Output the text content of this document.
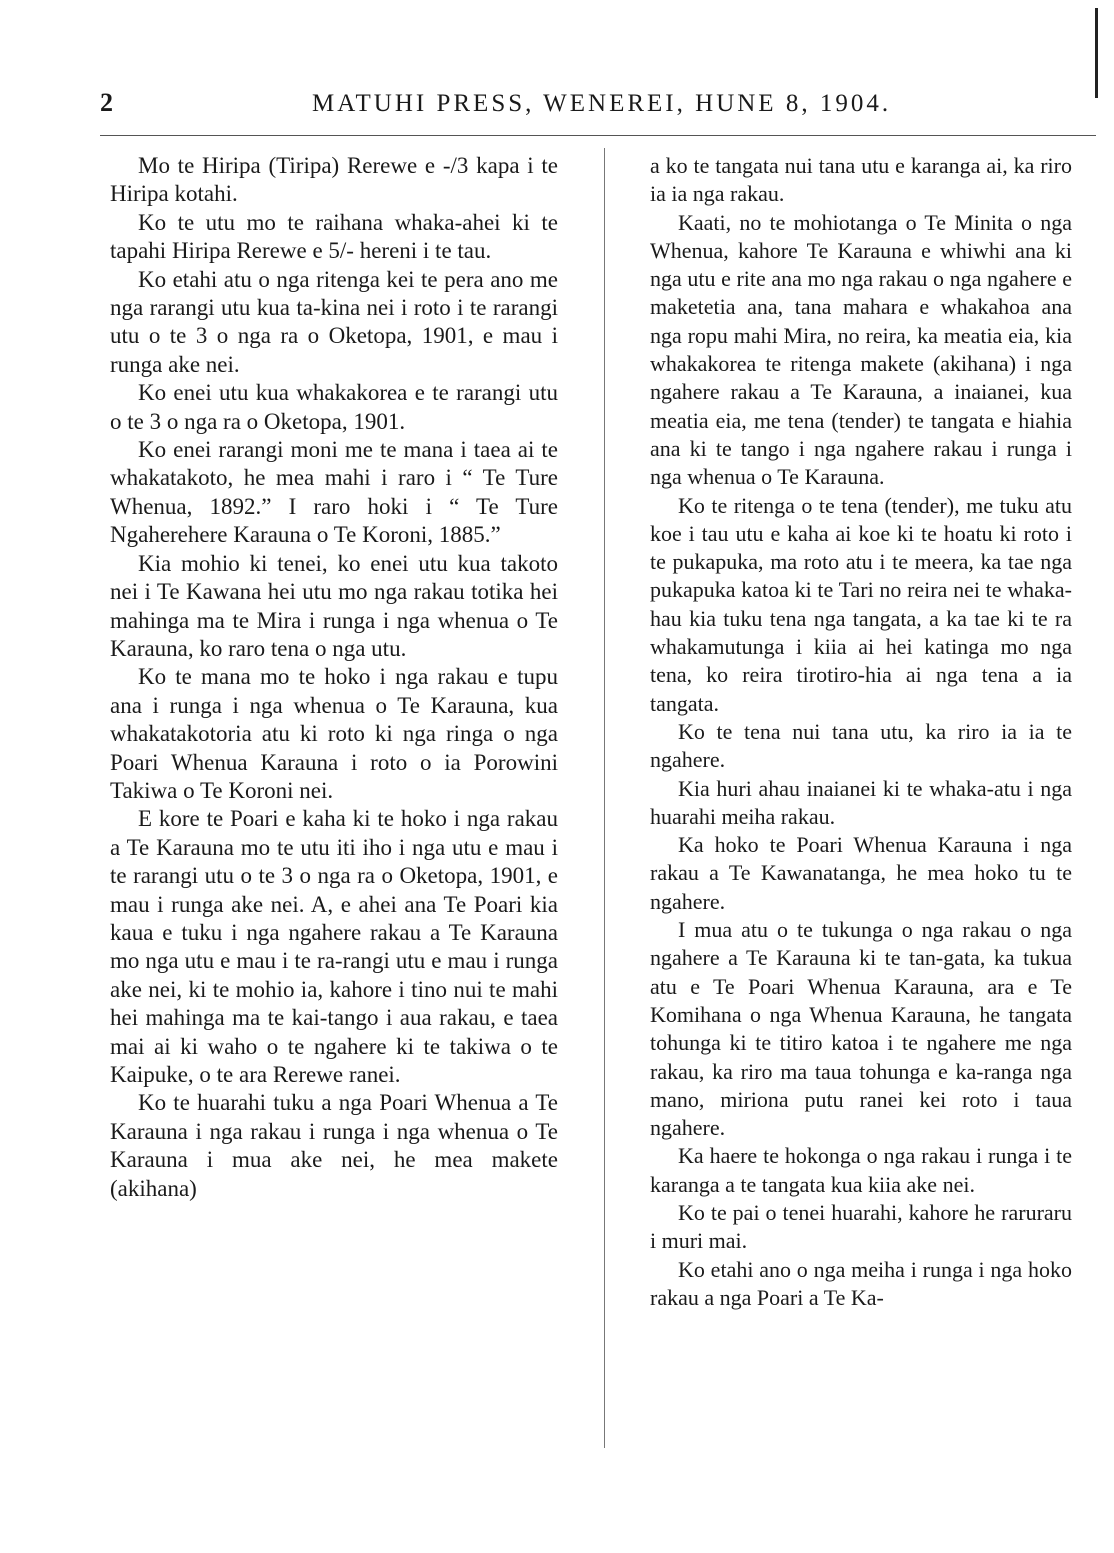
2	MATUHI PRESS, WENEREI, HUNE 8, 1904.

Mo te Hiripa (Tiripa) Rerewe e -/3 kapa i te Hiripa kotahi.

Ko te utu mo te raihana whaka-ahei ki te tapahi Hiripa Rerewe e 5/- hereni i te tau.

Ko etahi atu o nga ritenga kei te pera ano me nga rarangi utu kua ta-kina nei i roto i te rarangi utu o te 3 o nga ra o Oketopa, 1901, e mau i runga ake nei.

Ko enei utu kua whakakorea e te rarangi utu o te 3 o nga ra o Oketopa, 1901.

Ko enei rarangi moni me te mana i taea ai te whakatakoto, he mea mahi i raro i “ Te Ture Whenua, 1892.” I raro hoki i “ Te Ture Ngaherehere Karauna o Te Koroni, 1885.”

Kia mohio ki tenei, ko enei utu kua takoto nei i Te Kawana hei utu mo nga rakau totika hei mahinga ma te Mira i runga i nga whenua o Te Karauna, ko raro tena o nga utu.

Ko te mana mo te hoko i nga rakau e tupu ana i runga i nga whenua o Te Karauna, kua whakatakotoria atu ki roto ki nga ringa o nga Poari Whenua Karauna i roto o ia Porowini Takiwa o Te Koroni nei.

E kore te Poari e kaha ki te hoko i nga rakau a Te Karauna mo te utu iti iho i nga utu e mau i te rarangi utu o te 3 o nga ra o Oketopa, 1901, e mau i runga ake nei. A, e ahei ana Te Poari kia kaua e tuku i nga ngahere rakau a Te Karauna mo nga utu e mau i te ra-rangi utu e mau i runga ake nei, ki te mohio ia, kahore i tino nui te mahi hei mahinga ma te kai-tango i aua rakau, e taea mai ai ki waho o te ngahere ki te takiwa o te Kaipuke, o te ara Rerewe ranei.

Ko te huarahi tuku a nga Poari Whenua a Te Karauna i nga rakau i runga i nga whenua o Te Karauna i mua ake nei, he mea makete (akihana)

a ko te tangata nui tana utu e karanga ai, ka riro ia ia nga rakau.

Kaati, no te mohiotanga o Te Minita o nga Whenua, kahore Te Karauna e whiwhi ana ki nga utu e rite ana mo nga rakau o nga ngahere e maketetia ana, tana mahara e whakahoa ana nga ropu mahi Mira, no reira, ka meatia eia, kia whakakorea te ritenga makete (akihana) i nga ngahere rakau a Te Karauna, a inaianei, kua meatia eia, me tena (tender) te tangata e hiahia ana ki te tango i nga ngahere rakau i runga i nga whenua o Te Karauna.

Ko te ritenga o te tena (tender), me tuku atu koe i tau utu e kaha ai koe ki te hoatu ki roto i te pukapuka, ma roto atu i te meera, ka tae nga pukapuka katoa ki te Tari no reira nei te whaka-hau kia tuku tena nga tangata, a ka tae ki te ra whakamutunga i kiia ai hei katinga mo nga tena, ko reira tirotiro-hia ai nga tena a ia tangata.

Ko te tena nui tana utu, ka riro ia ia te ngahere.

Kia huri ahau inaianei ki te whaka-atu i nga huarahi meiha rakau.

Ka hoko te Poari Whenua Karauna i nga rakau a Te Kawanatanga, he mea hoko tu te ngahere.

I mua atu o te tukunga o nga rakau o nga ngahere a Te Karauna ki te tan-gata, ka tukua atu e Te Poari Whenua Karauna, ara e Te Komihana o nga Whenua Karauna, he tangata tohunga ki te titiro katoa i te ngahere me nga rakau, ka riro ma taua tohunga e ka-ranga nga mano, miriona putu ranei kei roto i taua ngahere.

Ka haere te hokonga o nga rakau i runga i te karanga a te tangata kua kiia ake nei.

Ko te pai o tenei huarahi, kahore he raruraru i muri mai.

Ko etahi ano o nga meiha i runga i nga hoko rakau a nga Poari a Te Ka-
